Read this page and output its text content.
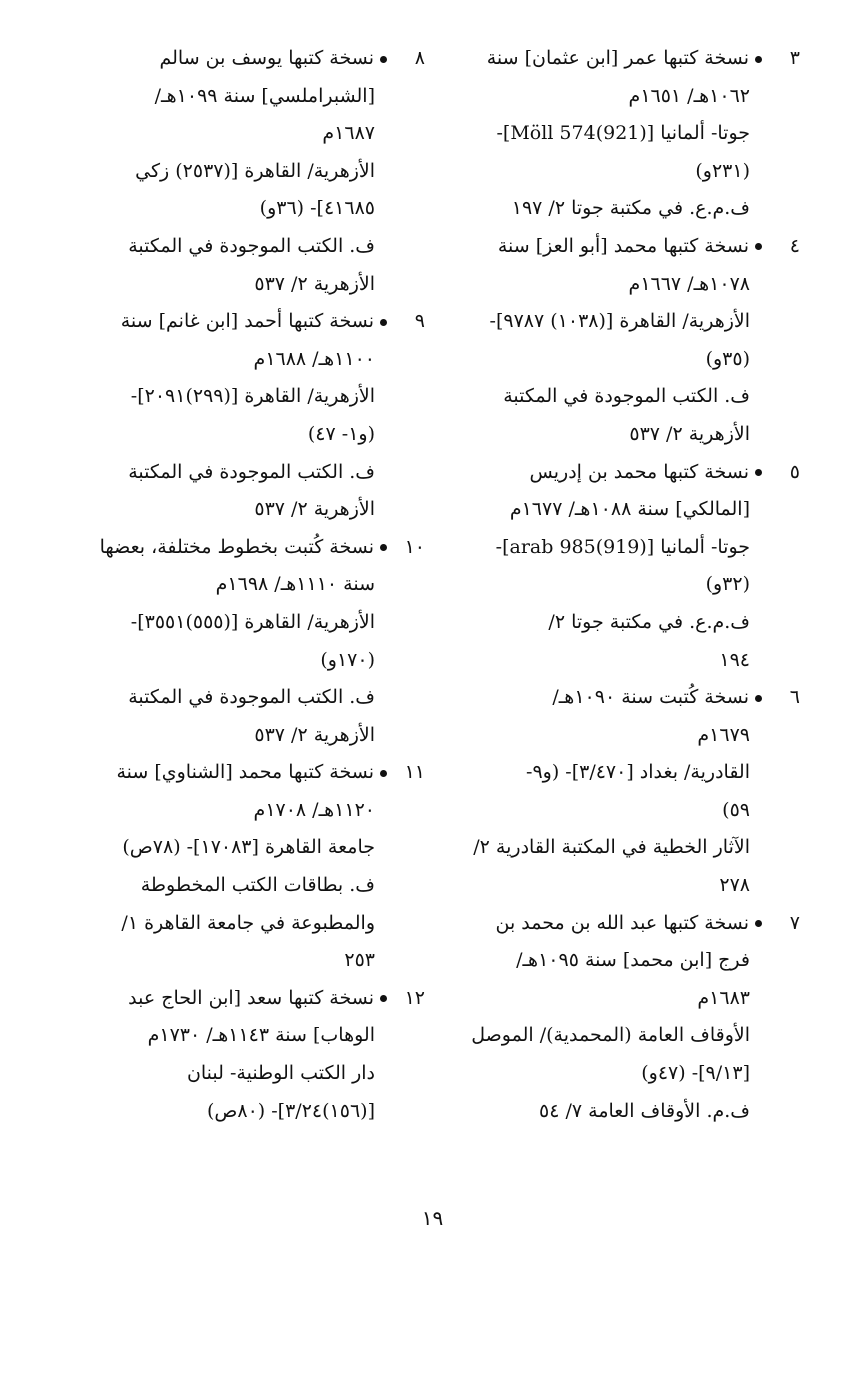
٣
نسخة كتبها عمر [ابن عثمان] سنة
١٠٦٢هـ/ ١٦٥١م
جوتا- ألمانيا [Möll 574(921)]-
(٢٣١و)
ف.م.ع. في مكتبة جوتا ٢/ ١٩٧
٤
نسخة كتبها محمد [أبو العز] سنة
١٠٧٨هـ/ ١٦٦٧م
الأزهرية/ القاهرة [(١٠٣٨) ٩٧٨٧]-
(٣٥و)
ف. الكتب الموجودة في المكتبة
الأزهرية ٢/ ٥٣٧
٥
نسخة كتبها محمد بن إدريس
[المالكي] سنة ١٠٨٨هـ/ ١٦٧٧م
جوتا- ألمانيا [arab 985(919)]-
(٣٢و)
ف.م.ع. في مكتبة جوتا ٢/
١٩٤
٦
نسخة كُتبت سنة ١٠٩٠هـ/
١٦٧٩م
القادرية/ بغداد [٣/٤٧٠]- (و٩-
٥٩)
الآثار الخطية في المكتبة القادرية ٢/
٢٧٨
٧
نسخة كتبها عبد الله بن محمد بن
فرج [ابن محمد] سنة ١٠٩٥هـ/
١٦٨٣م
الأوقاف العامة (المحمدية)/ الموصل
[٩/١٣]- (٤٧و)
ف.م. الأوقاف العامة ٧/ ٥٤
٨
نسخة كتبها يوسف بن سالم
[الشبراملسي] سنة ١٠٩٩هـ/
١٦٨٧م
الأزهرية/ القاهرة [(٢٥٣٧) زكي
٤١٦٨٥]- (٣٦و)
ف. الكتب الموجودة في المكتبة
الأزهرية ٢/ ٥٣٧
٩
نسخة كتبها أحمد [ابن غانم] سنة
١١٠٠هـ/ ١٦٨٨م
الأزهرية/ القاهرة [(٢٩٩)٢٠٩١]-
(و١- ٤٧)
ف. الكتب الموجودة في المكتبة
الأزهرية ٢/ ٥٣٧
١٠
نسخة كُتبت بخطوط مختلفة، بعضها
سنة ١١١٠هـ/ ١٦٩٨م
الأزهرية/ القاهرة [(٥٥٥)٣٥٥١]-
(١٧٠و)
ف. الكتب الموجودة في المكتبة
الأزهرية ٢/ ٥٣٧
١١
نسخة كتبها محمد [الشناوي] سنة
١١٢٠هـ/ ١٧٠٨م
جامعة القاهرة [١٧٠٨٣]- (٧٨ص)
ف. بطاقات الكتب المخطوطة
والمطبوعة في جامعة القاهرة ١/
٢٥٣
١٢
نسخة كتبها سعد [ابن الحاج عبد
الوهاب] سنة ١١٤٣هـ/ ١٧٣٠م
دار الكتب الوطنية- لبنان
[(١٥٦)٣/٢٤]- (٨٠ص)
١٩
